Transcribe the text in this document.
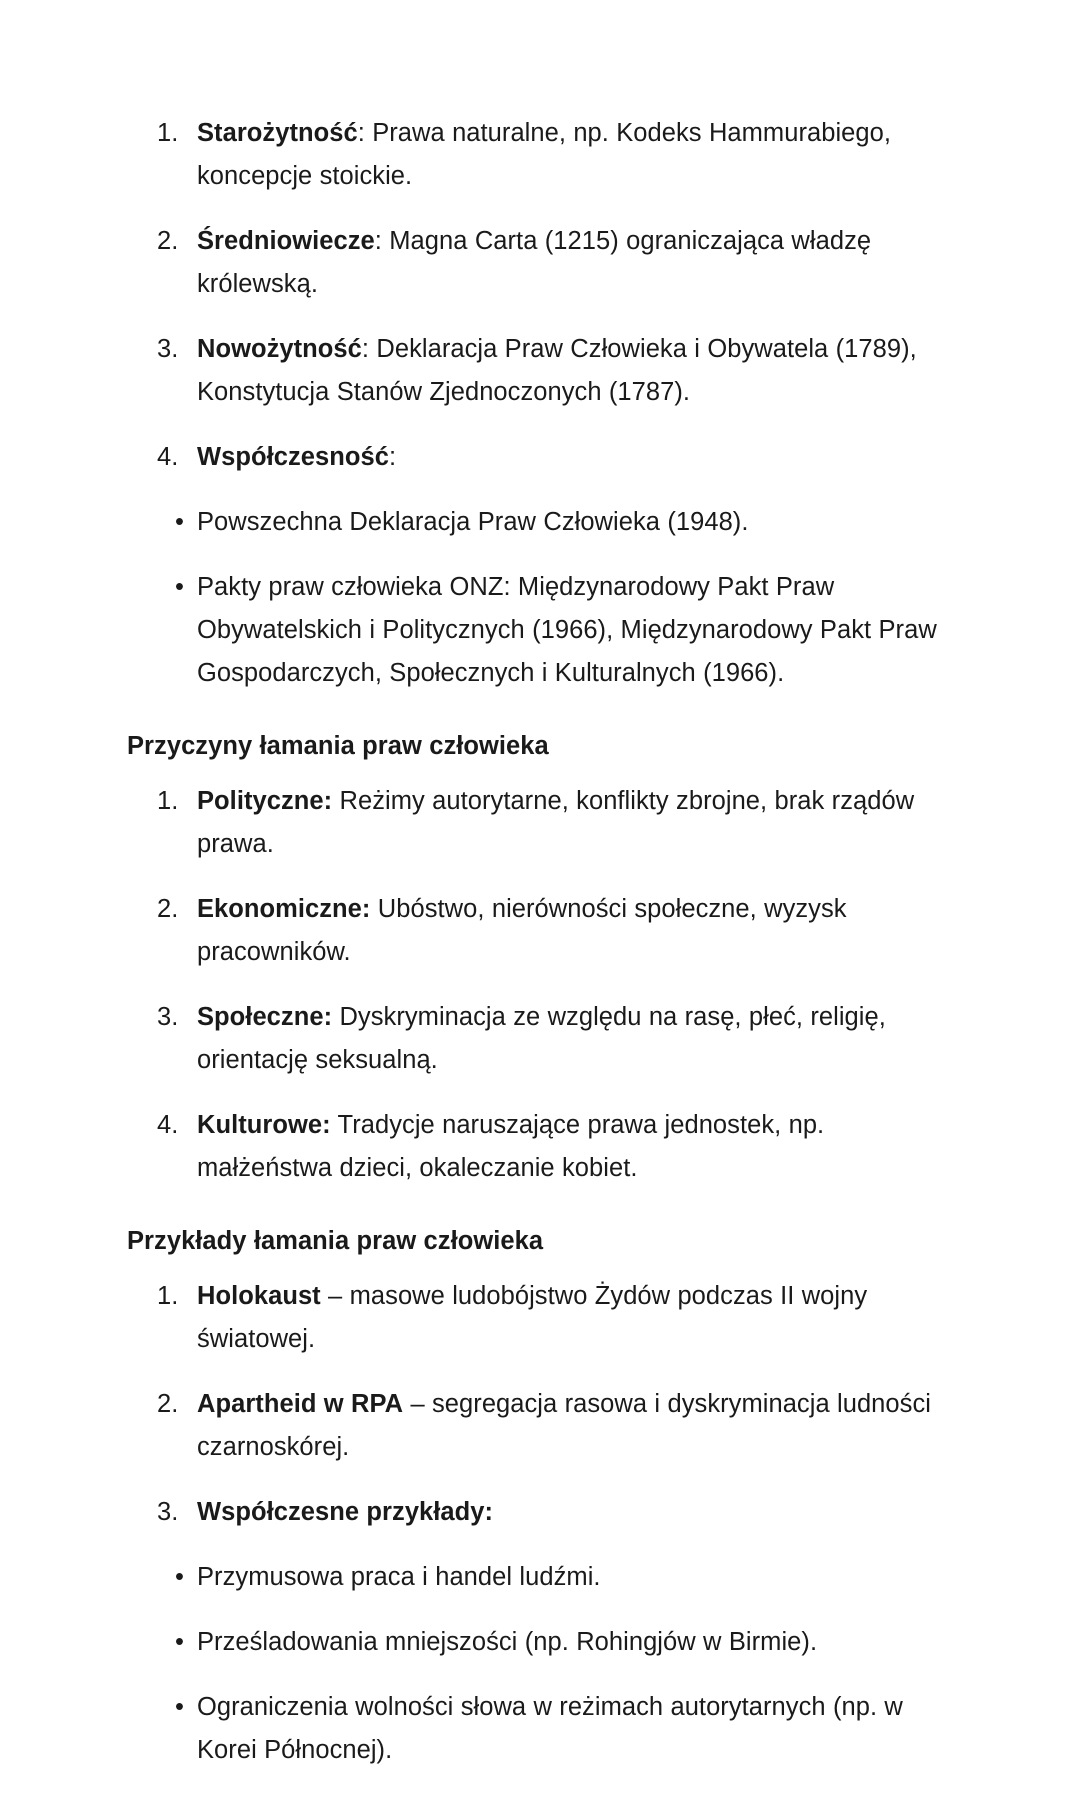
1. Starożytność: Prawa naturalne, np. Kodeks Hammurabiego, koncepcje stoickie.

2. Średniowiecze: Magna Carta (1215) ograniczająca władzę królewską.

3. Nowożytność: Deklaracja Praw Człowieka i Obywatela (1789), Konstytucja Stanów Zjednoczonych (1787).

4. Współczesność:

• Powszechna Deklaracja Praw Człowieka (1948).

• Pakty praw człowieka ONZ: Międzynarodowy Pakt Praw Obywatelskich i Politycznych (1966), Międzynarodowy Pakt Praw Gospodarczych, Społecznych i Kulturalnych (1966).

Przyczyny łamania praw człowieka

1. Polityczne: Reżimy autorytarne, konflikty zbrojne, brak rządów prawa.

2. Ekonomiczne: Ubóstwo, nierówności społeczne, wyzysk pracowników.

3. Społeczne: Dyskryminacja ze względu na rasę, płeć, religię, orientację seksualną.

4. Kulturowe: Tradycje naruszające prawa jednostek, np. małżeństwa dzieci, okaleczanie kobiet.

Przykłady łamania praw człowieka

1. Holokaust – masowe ludobójstwo Żydów podczas II wojny światowej.

2. Apartheid w RPA – segregacja rasowa i dyskryminacja ludności czarnoskórej.

3. Współczesne przykłady:

• Przymusowa praca i handel ludźmi.

• Prześladowania mniejszości (np. Rohingjów w Birmie).

• Ograniczenia wolności słowa w reżimach autorytarnych (np. w Korei Północnej).
